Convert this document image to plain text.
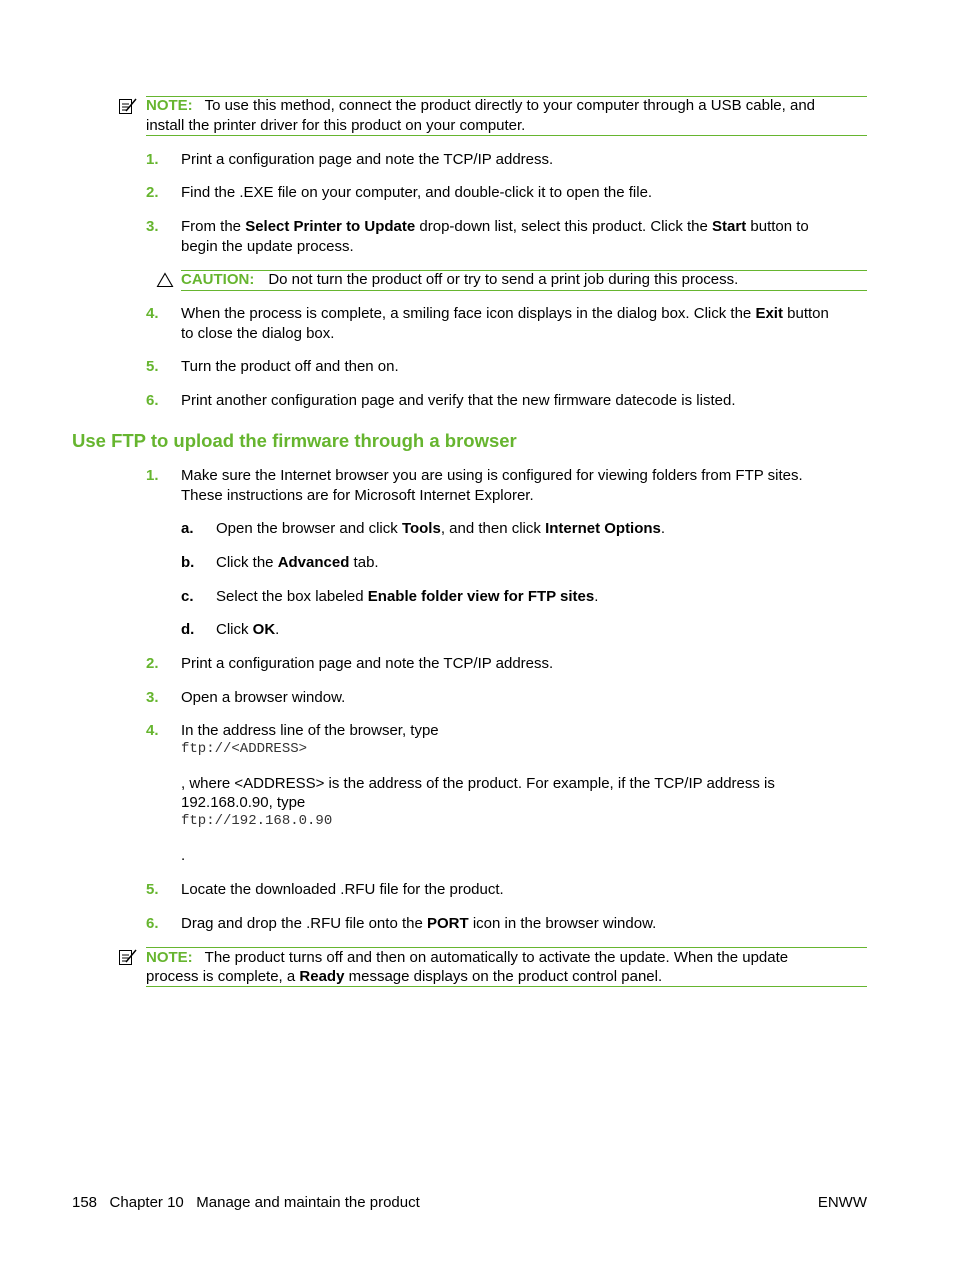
NOTE: To use this method, connect the product directly to your computer through a USB cable, and
install the printer driver for this product on your computer.
1. Print a configuration page and note the TCP/IP address.
2. Find the .EXE file on your computer, and double-click it to open the file.
3. From the Select Printer to Update drop-down list, select this product. Click the Start button to
begin the update process.
CAUTION: Do not turn the product off or try to send a print job during this process.
4. When the process is complete, a smiling face icon displays in the dialog box. Click the Exit button
to close the dialog box.
5. Turn the product off and then on.
6. Print another configuration page and verify that the new firmware datecode is listed.
Use FTP to upload the firmware through a browser
1. Make sure the Internet browser you are using is configured for viewing folders from FTP sites.
These instructions are for Microsoft Internet Explorer.
a. Open the browser and click Tools, and then click Internet Options.
b. Click the Advanced tab.
c. Select the box labeled Enable folder view for FTP sites.
d. Click OK.
2. Print a configuration page and note the TCP/IP address.
3. Open a browser window.
4. In the address line of the browser, type
ftp://<ADDRESS>
, where <ADDRESS> is the address of the product. For example, if the TCP/IP address is
192.168.0.90, type
ftp://192.168.0.90
.
5. Locate the downloaded .RFU file for the product.
6. Drag and drop the .RFU file onto the PORT icon in the browser window.
NOTE: The product turns off and then on automatically to activate the update. When the update
process is complete, a Ready message displays on the product control panel.
158 Chapter 10 Manage and maintain the product	ENWW
